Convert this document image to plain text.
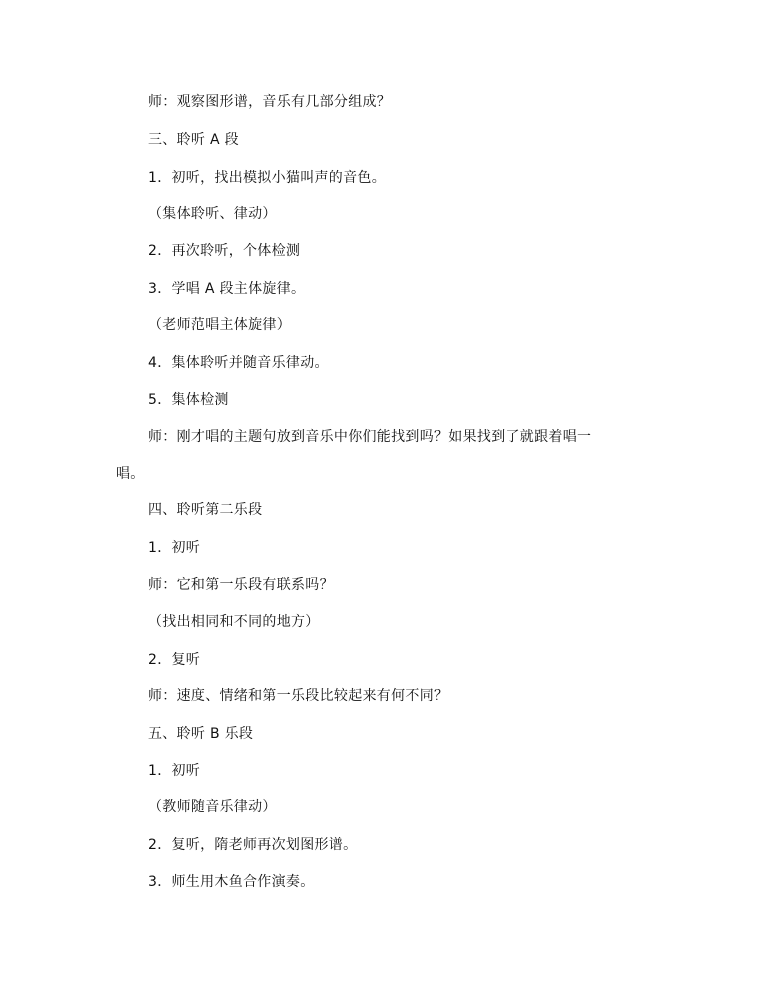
师：观察图形谱，音乐有几部分组成？
三、聆听 A 段
1．初听，找出模拟小猫叫声的音色。
（集体聆听、律动）
2．再次聆听，个体检测
3．学唱 A 段主体旋律。
（老师范唱主体旋律）
4．集体聆听并随音乐律动。
5．集体检测
师：刚才唱的主题句放到音乐中你们能找到吗？如果找到了就跟着唱一
唱。
四、聆听第二乐段
1．初听
师：它和第一乐段有联系吗？
（找出相同和不同的地方）
2．复听
师：速度、情绪和第一乐段比较起来有何不同？
五、聆听 B 乐段
1．初听
（教师随音乐律动）
2．复听，隋老师再次划图形谱。
3．师生用木鱼合作演奏。
